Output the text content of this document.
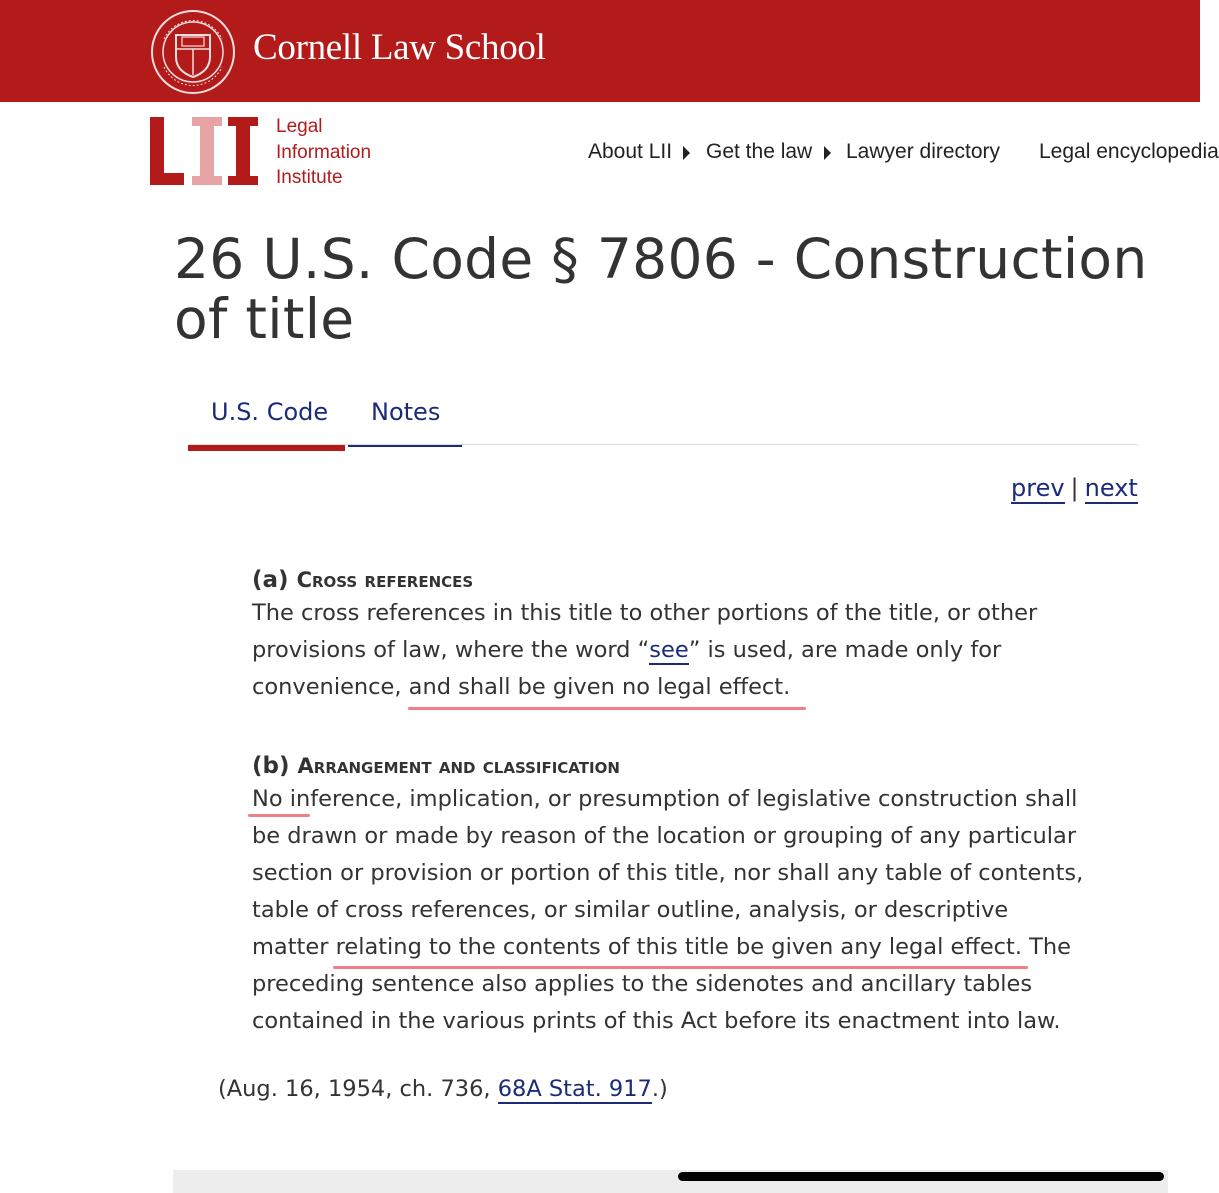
Cornell Law School
Legal
Information
Institute
About LII Get the law Lawyer directory Legal encyclopedia
26 U.S. Code § 7806 - Construction
of title
U.S. Code Notes
prev | next
(a) Cross references
The cross references in this title to other portions of the title, or other
provisions of law, where the word “see” is used, are made only for
convenience, and shall be given no legal effect.
(b) Arrangement and classification
No inference, implication, or presumption of legislative construction shall
be drawn or made by reason of the location or grouping of any particular
section or provision or portion of this title, nor shall any table of contents,
table of cross references, or similar outline, analysis, or descriptive
matter relating to the contents of this title be given any legal effect. The
preceding sentence also applies to the sidenotes and ancillary tables
contained in the various prints of this Act before its enactment into law.
(Aug. 16, 1954, ch. 736, 68A Stat. 917.)
